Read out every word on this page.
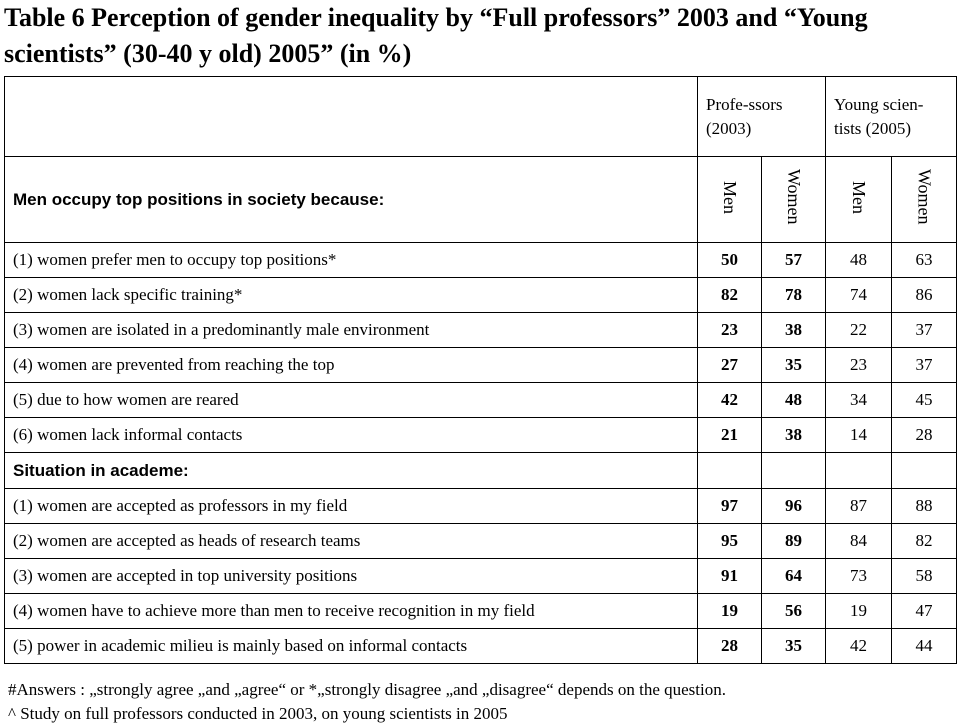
Table 6 Perception of gender inequality by “Full professors” 2003 and “Young scientists” (30-40 y old) 2005” (in %)
	Profe-ssors (2003)		Young scien-tists (2005)	
Men occupy top positions in society because:	Men	Women	Men	Women
(1) women prefer men to occupy top positions*	50	57	48	63
(2) women lack specific training*	82	78	74	86
(3) women are isolated in a predominantly male environment	23	38	22	37
(4) women are prevented from reaching the top	27	35	23	37
(5) due to how women are reared	42	48	34	45
(6) women lack informal contacts	21	38	14	28
Situation in academe:				
(1) women are accepted as professors in my field	97	96	87	88
(2) women are accepted as heads of research teams	95	89	84	82
(3) women are accepted in top university positions	91	64	73	58
(4) women have to achieve more than men to receive recognition in my field	19	56	19	47
(5) power in academic milieu is mainly based on informal contacts	28	35	42	44
#Answers : „strongly agree „and „agree“ or *„strongly disagree „and „disagree“ depends on the question.
^ Study on full professors conducted in 2003, on young scientists in 2005
